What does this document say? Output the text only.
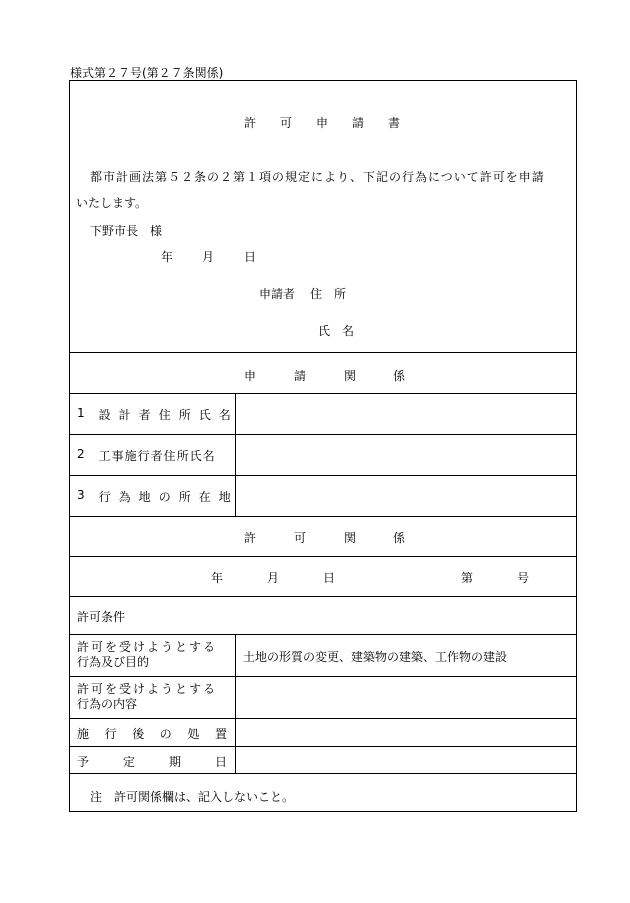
様式第２７号(第２７条関係)
許 可 申 請 書
都市計画法第５２条の２第１項の規定により、下記の行為について許可を申請
いたします。
下野市長　様
年 月 日
申請者 住　所
氏　名
申	請	関	係
1 設 計 者 住 所 氏 名
2 工事施行者住所氏名
3 行 為 地 の 所 在 地
許	可	関	係
年	月	日	第	号
許可条件
許可を受けようとする
行為及び目的	土地の形質の変更、建築物の建築、工作物の建設
許可を受けようとする
行為の内容
施 行 後 の 処 置
予	定	期	日
注　許可関係欄は、記入しないこと。
